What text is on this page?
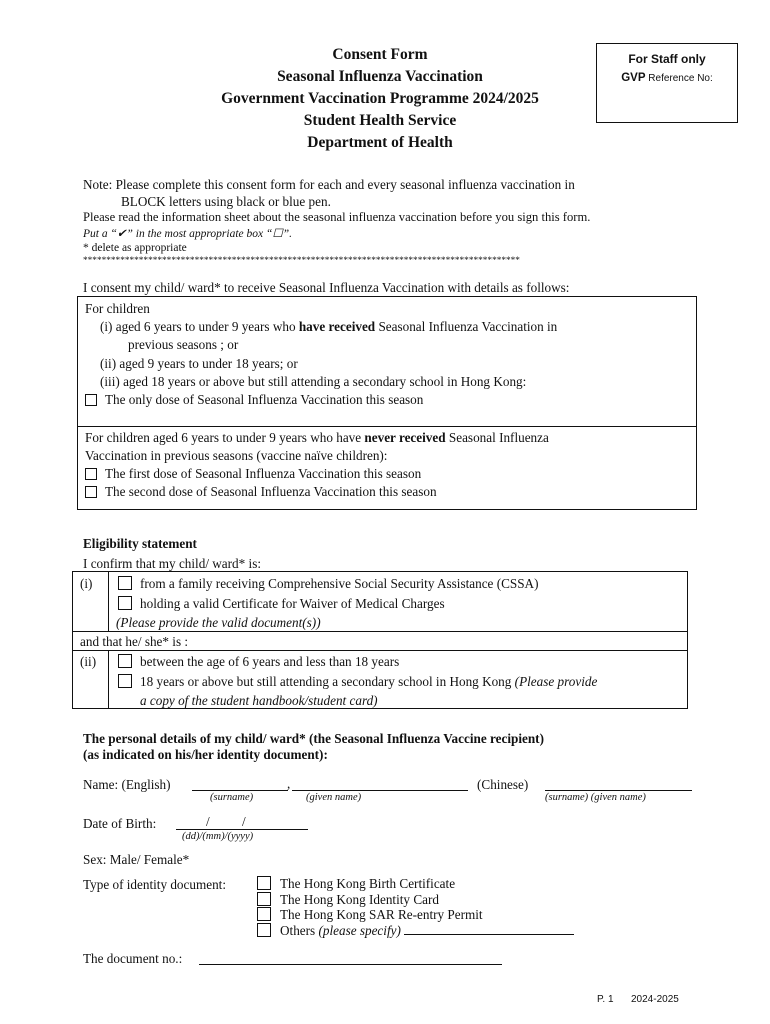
Consent Form
Seasonal Influenza Vaccination
Government Vaccination Programme 2024/2025
Student Health Service
Department of Health
For Staff only
GVP Reference No:
Note: Please complete this consent form for each and every seasonal influenza vaccination in
BLOCK letters using black or blue pen.
Please read the information sheet about the seasonal influenza vaccination before you sign this form.
Put a “✔” in the most appropriate box “☐”.
* delete as appropriate
**********************************************************************************************
I consent my child/ ward* to receive Seasonal Influenza Vaccination with details as follows:
For children
(i) aged 6 years to under 9 years who have received Seasonal Influenza Vaccination in
previous seasons ; or
(ii) aged 9 years to under 18 years; or
(iii) aged 18 years or above but still attending a secondary school in Hong Kong:
The only dose of Seasonal Influenza Vaccination this season
For children aged 6 years to under 9 years who have never received Seasonal Influenza
Vaccination in previous seasons (vaccine naïve children):
The first dose of Seasonal Influenza Vaccination this season
The second dose of Seasonal Influenza Vaccination this season
Eligibility statement
I confirm that my child/ ward* is:
(i)	from a family receiving Comprehensive Social Security Assistance (CSSA)
holding a valid Certificate for Waiver of Medical Charges
(Please provide the valid document(s))
and that he/ she* is :
(ii)	between the age of 6 years and less than 18 years
18 years or above but still attending a secondary school in Hong Kong (Please provide
a copy of the student handbook/student card)
The personal details of my child/ ward* (the Seasonal Influenza Vaccine recipient)
(as indicated on his/her identity document):
Name: (English)	,
(surname)	(given name)
(Chinese)
(surname) (given name)
Date of Birth:	/ /
(dd)/(mm)/(yyyy)
Sex: Male/ Female*
Type of identity document:	The Hong Kong Birth Certificate
The Hong Kong Identity Card
The Hong Kong SAR Re-entry Permit
Others (please specify)
The document no.:
P. 1 2024-2025
